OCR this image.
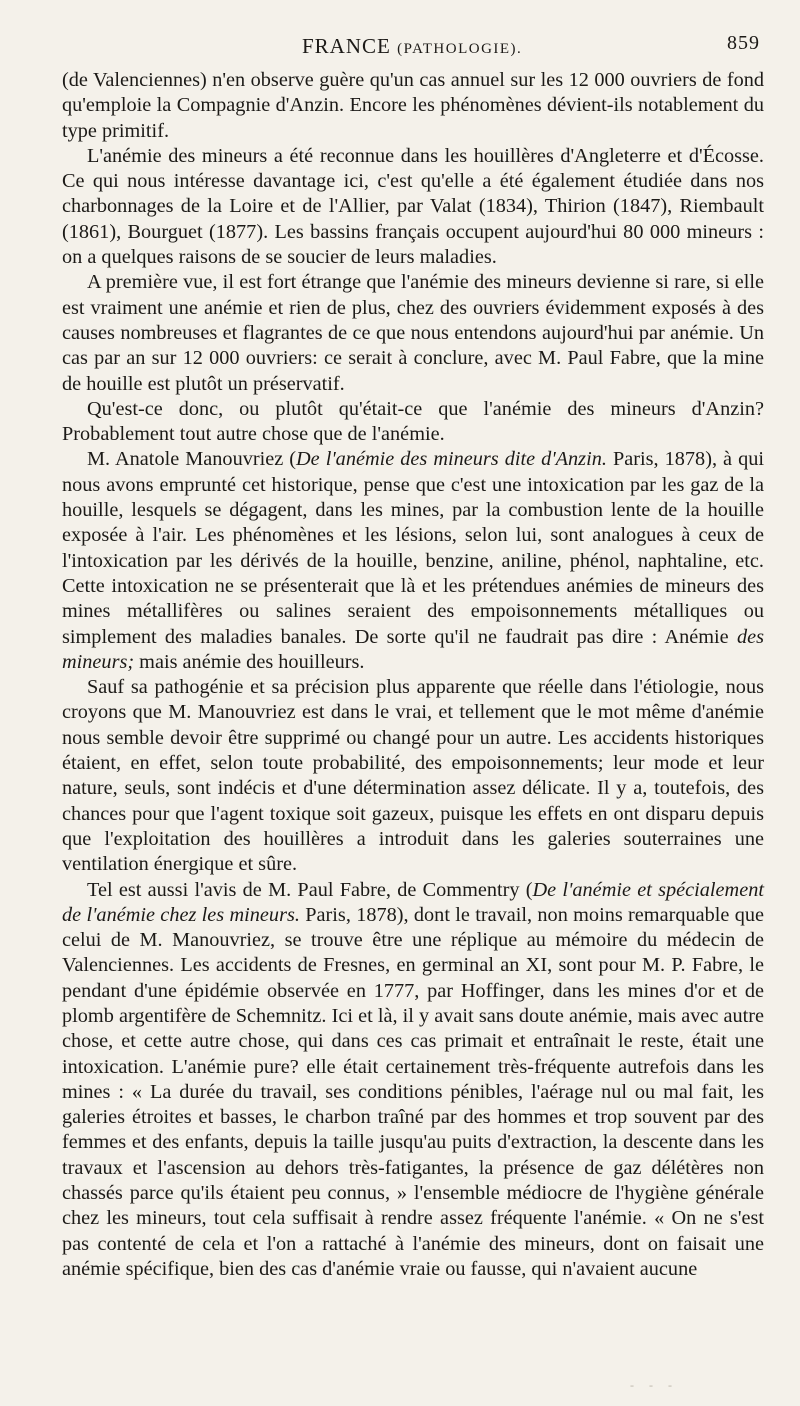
FRANCE (PATHOLOGIE).	859

(de Valenciennes) n'en observe guère qu'un cas annuel sur les 12 000 ouvriers de fond qu'emploie la Compagnie d'Anzin. Encore les phénomènes dévient-ils notablement du type primitif.

L'anémie des mineurs a été reconnue dans les houillères d'Angleterre et d'Écosse. Ce qui nous intéresse davantage ici, c'est qu'elle a été également étudiée dans nos charbonnages de la Loire et de l'Allier, par Valat (1834), Thirion (1847), Riembault (1861), Bourguet (1877). Les bassins français occupent aujourd'hui 80 000 mineurs : on a quelques raisons de se soucier de leurs maladies.

A première vue, il est fort étrange que l'anémie des mineurs devienne si rare, si elle est vraiment une anémie et rien de plus, chez des ouvriers évidemment exposés à des causes nombreuses et flagrantes de ce que nous entendons aujourd'hui par anémie. Un cas par an sur 12 000 ouvriers: ce serait à conclure, avec M. Paul Fabre, que la mine de houille est plutôt un préservatif.

Qu'est-ce donc, ou plutôt qu'était-ce que l'anémie des mineurs d'Anzin? Probablement tout autre chose que de l'anémie.

M. Anatole Manouvriez (De l'anémie des mineurs dite d'Anzin. Paris, 1878), à qui nous avons emprunté cet historique, pense que c'est une intoxication par les gaz de la houille, lesquels se dégagent, dans les mines, par la combustion lente de la houille exposée à l'air. Les phénomènes et les lésions, selon lui, sont analogues à ceux de l'intoxication par les dérivés de la houille, benzine, aniline, phénol, naphtaline, etc. Cette intoxication ne se présenterait que là et les prétendues anémies de mineurs des mines métallifères ou salines seraient des empoisonnements métalliques ou simplement des maladies banales. De sorte qu'il ne faudrait pas dire : Anémie des mineurs; mais anémie des houilleurs.

Sauf sa pathogénie et sa précision plus apparente que réelle dans l'étiologie, nous croyons que M. Manouvriez est dans le vrai, et tellement que le mot même d'anémie nous semble devoir être supprimé ou changé pour un autre. Les accidents historiques étaient, en effet, selon toute probabilité, des empoisonnements; leur mode et leur nature, seuls, sont indécis et d'une détermination assez délicate. Il y a, toutefois, des chances pour que l'agent toxique soit gazeux, puisque les effets en ont disparu depuis que l'exploitation des houillères a introduit dans les galeries souterraines une ventilation énergique et sûre.

Tel est aussi l'avis de M. Paul Fabre, de Commentry (De l'anémie et spécialement de l'anémie chez les mineurs. Paris, 1878), dont le travail, non moins remarquable que celui de M. Manouvriez, se trouve être une réplique au mémoire du médecin de Valenciennes. Les accidents de Fresnes, en germinal an XI, sont pour M. P. Fabre, le pendant d'une épidémie observée en 1777, par Hoffinger, dans les mines d'or et de plomb argentifère de Schemnitz. Ici et là, il y avait sans doute anémie, mais avec autre chose, et cette autre chose, qui dans ces cas primait et entraînait le reste, était une intoxication. L'anémie pure? elle était certainement très-fréquente autrefois dans les mines : « La durée du travail, ses conditions pénibles, l'aérage nul ou mal fait, les galeries étroites et basses, le charbon traîné par des hommes et trop souvent par des femmes et des enfants, depuis la taille jusqu'au puits d'extraction, la descente dans les travaux et l'ascension au dehors très-fatigantes, la présence de gaz délétères non chassés parce qu'ils étaient peu connus, » l'ensemble médiocre de l'hygiène générale chez les mineurs, tout cela suffisait à rendre assez fréquente l'anémie. « On ne s'est pas contenté de cela et l'on a rattaché à l'anémie des mineurs, dont on faisait une anémie spécifique, bien des cas d'anémie vraie ou fausse, qui n'avaient aucune

- - -
